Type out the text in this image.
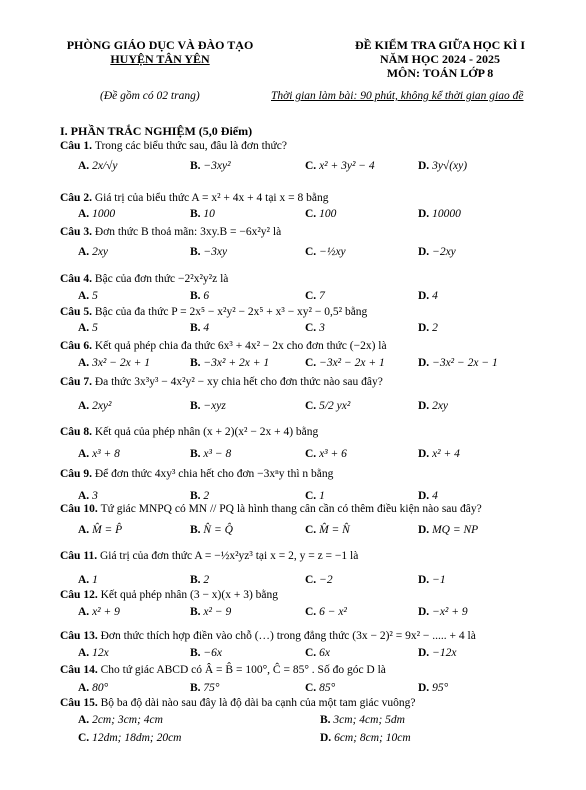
PHÒNG GIÁO DỤC VÀ ĐÀO TẠO
HUYỆN TÂN YÊN
ĐỀ KIỂM TRA GIỮA HỌC KÌ I
NĂM HỌC 2024 - 2025
MÔN: TOÁN LỚP 8
(Đề gồm có 02 trang)	Thời gian làm bài: 90 phút, không kể thời gian giao đề
I. PHẦN TRẮC NGHIỆM (5,0 Điểm)
Câu 1. Trong các biểu thức sau, đâu là đơn thức?
A. 2x/√y	B. −3xy²	C. x² + 3y² − 4	D. 3y√(xy)
Câu 2. Giá trị của biểu thức A = x² + 4x + 4 tại x = 8 bằng
A. 1000	B. 10	C. 100	D. 10000
Câu 3. Đơn thức B thoả mãn: 3xy.B = −6x²y² là
A. 2xy	B. −3xy	C. −½xy	D. −2xy
Câu 4. Bậc của đơn thức −2²x²y²z là
A. 5	B. 6	C. 7	D. 4
Câu 5. Bậc của đa thức P = 2x⁵ − x²y² − 2x⁵ + x³ − xy² − 0,5² bằng
A. 5	B. 4	C. 3	D. 2
Câu 6. Kết quả phép chia đa thức 6x³ + 4x² − 2x cho đơn thức (−2x) là
A. 3x² − 2x + 1	B. −3x² + 2x + 1	C. −3x² − 2x + 1	D. −3x² − 2x − 1
Câu 7. Đa thức 3x³y³ − 4x²y² − xy chia hết cho đơn thức nào sau đây?
A. 2xy²	B. −xyz	C. 5/2 yx²	D. 2xy
Câu 8. Kết quả của phép nhân (x + 2)(x² − 2x + 4) bằng
A. x³ + 8	B. x³ − 8	C. x³ + 6	D. x² + 4
Câu 9. Để đơn thức 4xy³ chia hết cho đơn −3xⁿy thì n bằng
A. 3	B. 2	C. 1	D. 4
Câu 10. Tứ giác MNPQ có MN // PQ là hình thang cân cần có thêm điều kiện nào sau đây?
A. M̂ = P̂	B. N̂ = Q̂	C. M̂ = N̂	D. MQ = NP
Câu 11. Giá trị của đơn thức A = −½x²yz³ tại x = 2, y = z = −1 là
A. 1	B. 2	C. −2	D. −1
Câu 12. Kết quả phép nhân (3 − x)(x + 3) bằng
A. x² + 9	B. x² − 9	C. 6 − x²	D. −x² + 9
Câu 13. Đơn thức thích hợp điền vào chỗ (…) trong đẳng thức (3x − 2)² = 9x² − ..... + 4 là
A. 12x	B. −6x	C. 6x	D. −12x
Câu 14. Cho tứ giác ABCD có Â = B̂ = 100°, Ĉ = 85° . Số đo góc D là
A. 80°	B. 75°	C. 85°	D. 95°
Câu 15. Bộ ba độ dài nào sau đây là độ dài ba cạnh của một tam giác vuông?
A. 2cm; 3cm; 4cm	B. 3cm; 4cm; 5dm
C. 12dm; 18dm; 20cm	D. 6cm; 8cm; 10cm
